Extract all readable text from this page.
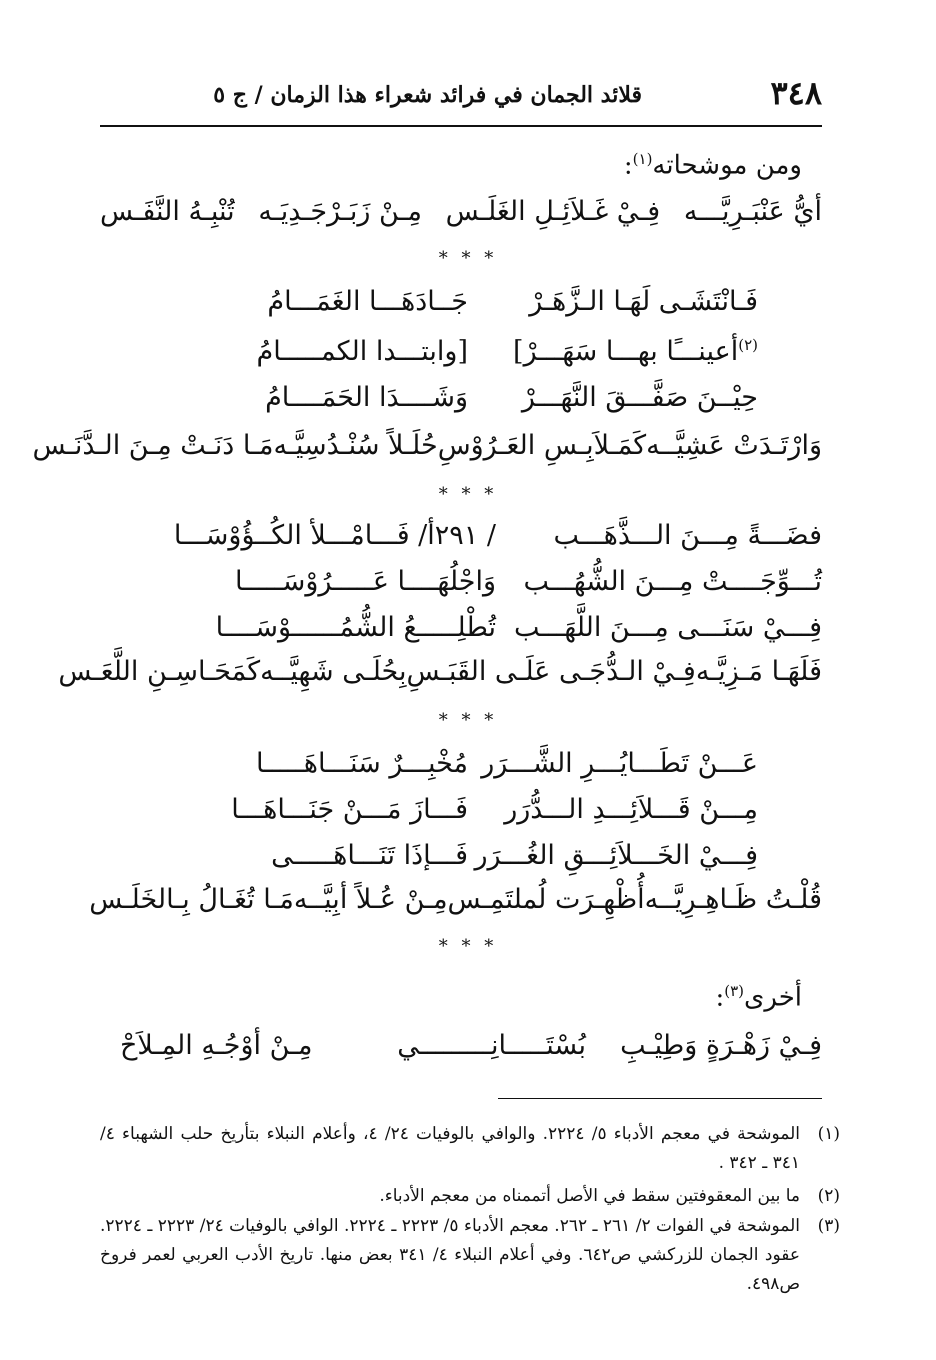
٣٤٨
قلائد الجمان في فرائد شعراء هذا الزمان / ج ٥
ومن موشحاته$^{(١)}$:
أيُّ عَنْبَـرِيَّـــه
فِـيْ غَـلاَئِـلِ الغَلَـس
مِـنْ زَبَـرْجَـدِيَـه
تُنْبِـهُ النَّفَـس
* * *
فَـانْتَشَـى لَهَـا الـزَّهَـرْ
جَــادَهَـــا الغَمَـــامُ
$^{(٢)}$أعينـــًا بهـــا سَهَـــرْ]
[وابتـــدا الكمـــــامُ
حِيْــنَ صَفَّـــقَ النَّهَـــرْ
وَشَــــدَا الحَمَــــامُ
وَارْتَـدَتْ عَشِيَّــه
كَمَـلاَبِـسِ العَـرُوْسِ
حُلَـلاً سُنْـدُسِيَّـه
مَـا دَنَـتْ مِـنَ الـدَّنَـس
* * *
فضَـــةً مِـــنَ الـــذَّهَـــب
/ ٢٩١أ/ فَـــامْـــلأ الكُــؤُوْسَـــا
تُـــوِّجَــــتْ مِـــنَ الشُّهُـــب
وَاجْلُهَــــا عَـــــرُوْسَـــــا
فِـــيْ سَنَـــى مِـــنَ اللَّهَـــب
تُطْلِـــــعُ الشُّمُــــــوْسَــــا
فَلَهَـا مَـزِيَّـه
فِـيْ الـدُّجَـى عَلَـى القَبَـسِ
بِحُلَـى شَهِيَّــه
كَمَحَـاسِـنِ اللَّعَـس
* * *
عَـــنْ تَطَـــايُـــرِ الشَّـــرَر
مُخْبِـــرٌ سَنَـــاهَـــــا
مِـــنْ قَـــلاَئِـــدِ الـــدُّرَر
فَـــازَ مَـــنْ جَنَـــاهَـــا
فِـــيْ الخَـــلاَئِـــقِ الغُـــرَر
فَـــإذَا تَنَـــاهَـــــى
قُلْـتُ ظَـاهِـرِيَّــه
أُظْهِـرَت لُملتَمِـس
مِـنْ عُـلاً أبِيَّــه
مَـا تُغَـالُ بِـالخَلَـس
* * *
أخرى$^{(٣)}$:
فِـيْ زَهْـرَةٍ وَطِيْـبِ
بُسْتَـــــانِـــــــــي
مِـنْ أوْجُـهِ المِـلاَحْ
(١)
الموشحة في معجم الأدباء ٥/ ٢٢٢٤. والوافي بالوفيات ٢٤/ ٤، وأعلام النبلاء بتأريخ حلب الشهباء ٤/ ٣٤١ ـ ٣٤٢ .
(٢)
ما بين المعقوفتين سقط في الأصل أتممناه من معجم الأدباء.
(٣)
الموشحة في الفوات ٢/ ٢٦١ ـ ٢٦٢. معجم الأدباء ٥/ ٢٢٢٣ ـ ٢٢٢٤. الوافي بالوفيات ٢٤/ ٢٢٢٣ ـ ٢٢٢٤. عقود الجمان للزركشي ص٦٤٢. وفي أعلام النبلاء ٤/ ٣٤١ بعض منها. تاريخ الأدب العربي لعمر فروخ ص٤٩٨.
